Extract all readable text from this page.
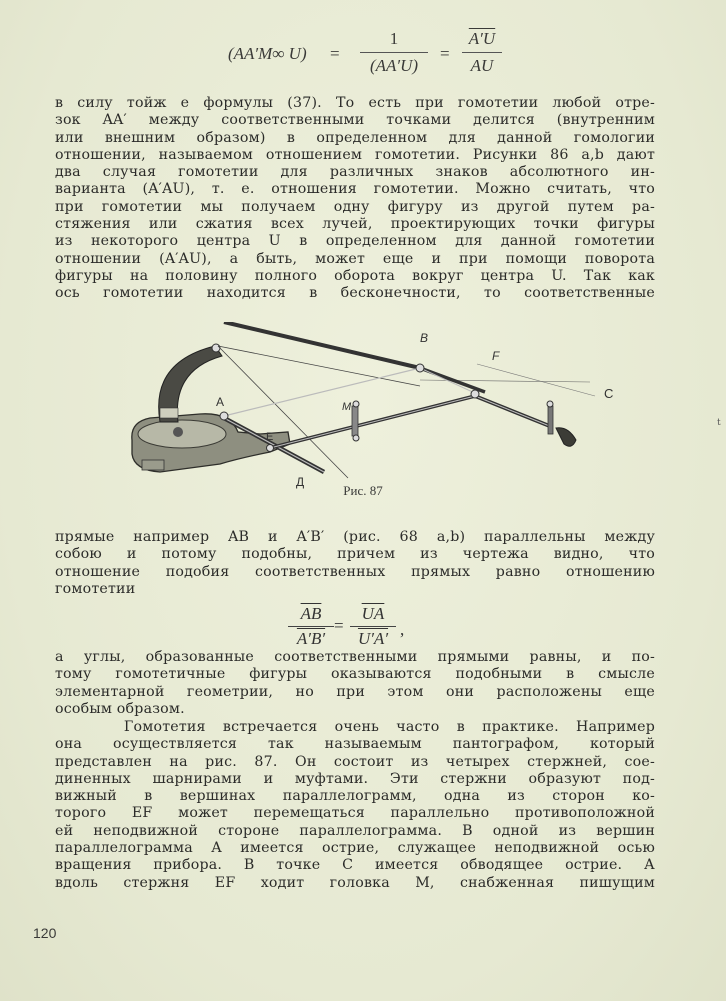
(AA′M∞ U) =
1
(AA′U)
=
A′U
AU
в силу тойж е формулы (37). То есть при гомотетии любой отре-
зок AA′ между соответственными точками делится (внутренним
или внешним образом) в определенном для данной гомологии
отношении, называемом отношением гомотетии. Рисунки 86 a,b дают
два случая гомотетии для различных знаков абсолютного ин-
варианта (A′AU), т. е. отношения гомотетии. Можно считать, что
при гомотетии мы получаем одну фигуру из другой путем ра-
стяжения или сжатия всех лучей, проектирующих точки фигуры
из некоторого центра U в определенном для данной гомотетии
отношении (A′AU), а быть, может еще и при помощи поворота
фигуры на половину полного оборота вокруг центра U. Так как
ось гомотетии находится в бесконечности, то соответственные
B
C
A
F
M
E
Д
Рис. 87
прямые например AB и A′B′ (рис. 68 a,b) параллельны между
собою и потому подобны, причем из чертежа видно, что
отношение подобия соответственных прямых равно отношению
гомотетии
$\frac{\overline{AB}}{A'B'} = \frac{\overline{UA}}{U'A'}$ ,
а углы, образованные соответственными прямыми равны, и по-
тому гомотетичные фигуры оказываются подобными в смысле
элементарной геометрии, но при этом они расположены еще
особым образом.
Гомотетия встречается очень часто в практике. Например
она осуществляется так называемым пантографом, который
представлен на рис. 87. Он состоит из четырех стержней, сое-
диненных шарнирами и муфтами. Эти стержни образуют под-
вижный в вершинах параллелограмм, одна из сторон ко-
торого EF может перемещаться параллельно противоположной
ей неподвижной стороне параллелограмма. В одной из вершин
параллелограмма A имеется острие, служащее неподвижной осью
вращения прибора. В точке C имеется обводящее острие. А
вдоль стержня EF ходит головка M, снабженная пишущим
120
t
